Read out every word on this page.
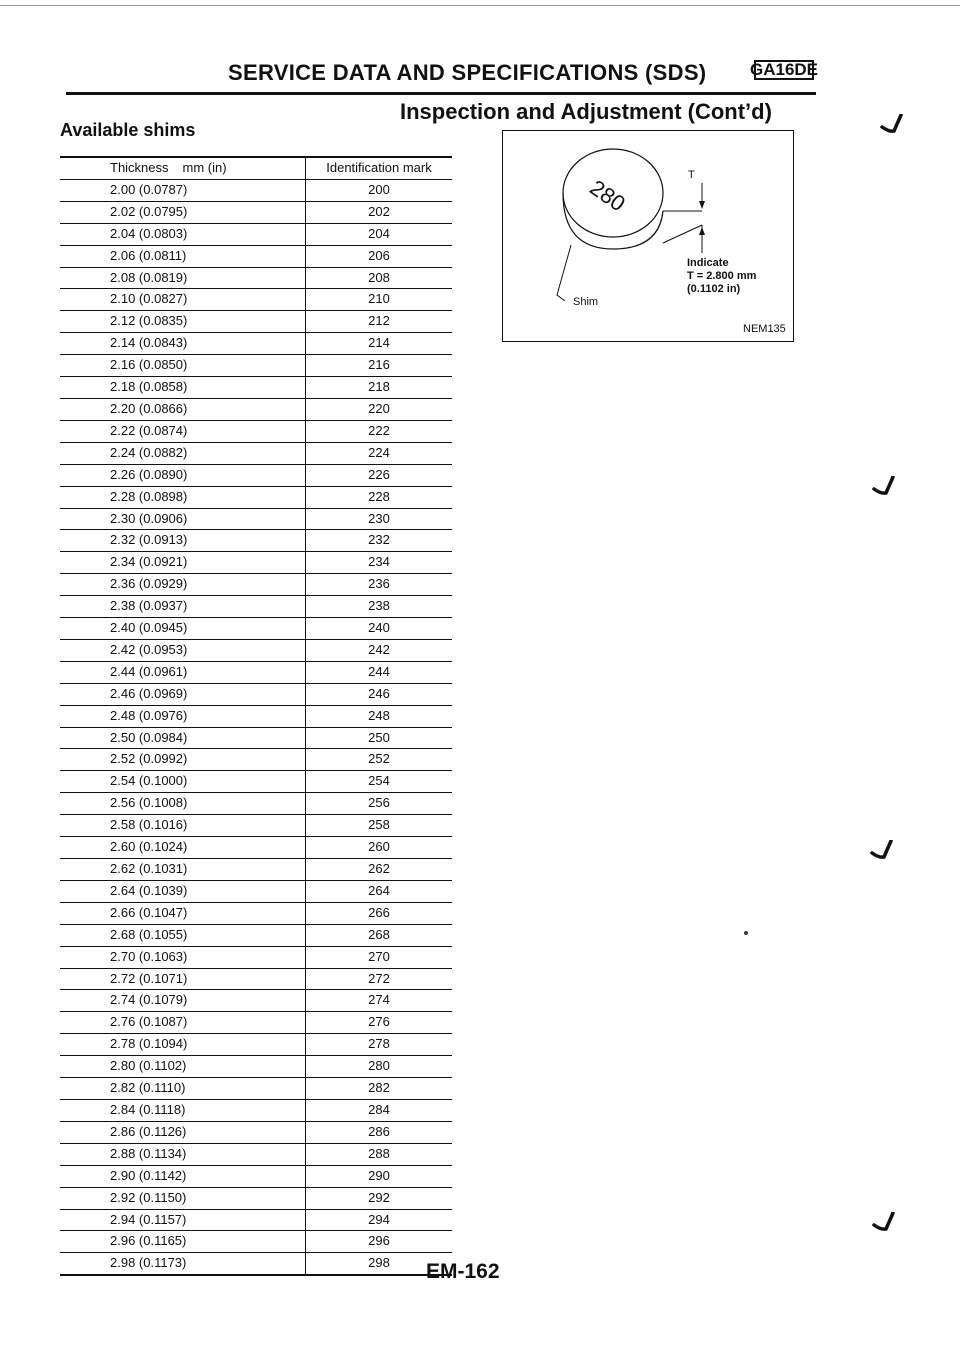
SERVICE DATA AND SPECIFICATIONS (SDS)	GA16DE
Inspection and Adjustment (Cont’d)
Available shims
Thickness mm (in)	Identification mark
2.00 (0.0787)	200
2.02 (0.0795)	202
2.04 (0.0803)	204
2.06 (0.0811)	206
2.08 (0.0819)	208
2.10 (0.0827)	210
2.12 (0.0835)	212
2.14 (0.0843)	214
2.16 (0.0850)	216
2.18 (0.0858)	218
2.20 (0.0866)	220
2.22 (0.0874)	222
2.24 (0.0882)	224
2.26 (0.0890)	226
2.28 (0.0898)	228
2.30 (0.0906)	230
2.32 (0.0913)	232
2.34 (0.0921)	234
2.36 (0.0929)	236
2.38 (0.0937)	238
2.40 (0.0945)	240
2.42 (0.0953)	242
2.44 (0.0961)	244
2.46 (0.0969)	246
2.48 (0.0976)	248
2.50 (0.0984)	250
2.52 (0.0992)	252
2.54 (0.1000)	254
2.56 (0.1008)	256
2.58 (0.1016)	258
2.60 (0.1024)	260
2.62 (0.1031)	262
2.64 (0.1039)	264
2.66 (0.1047)	266
2.68 (0.1055)	268
2.70 (0.1063)	270
2.72 (0.1071)	272
2.74 (0.1079)	274
2.76 (0.1087)	276
2.78 (0.1094)	278
2.80 (0.1102)	280
2.82 (0.1110)	282
2.84 (0.1118)	284
2.86 (0.1126)	286
2.88 (0.1134)	288
2.90 (0.1142)	290
2.92 (0.1150)	292
2.94 (0.1157)	294
2.96 (0.1165)	296
2.98 (0.1173)	298
280	T
Indicate
T = 2.800 mm
(0.1102 in)
Shim
NEM135
EM-162
